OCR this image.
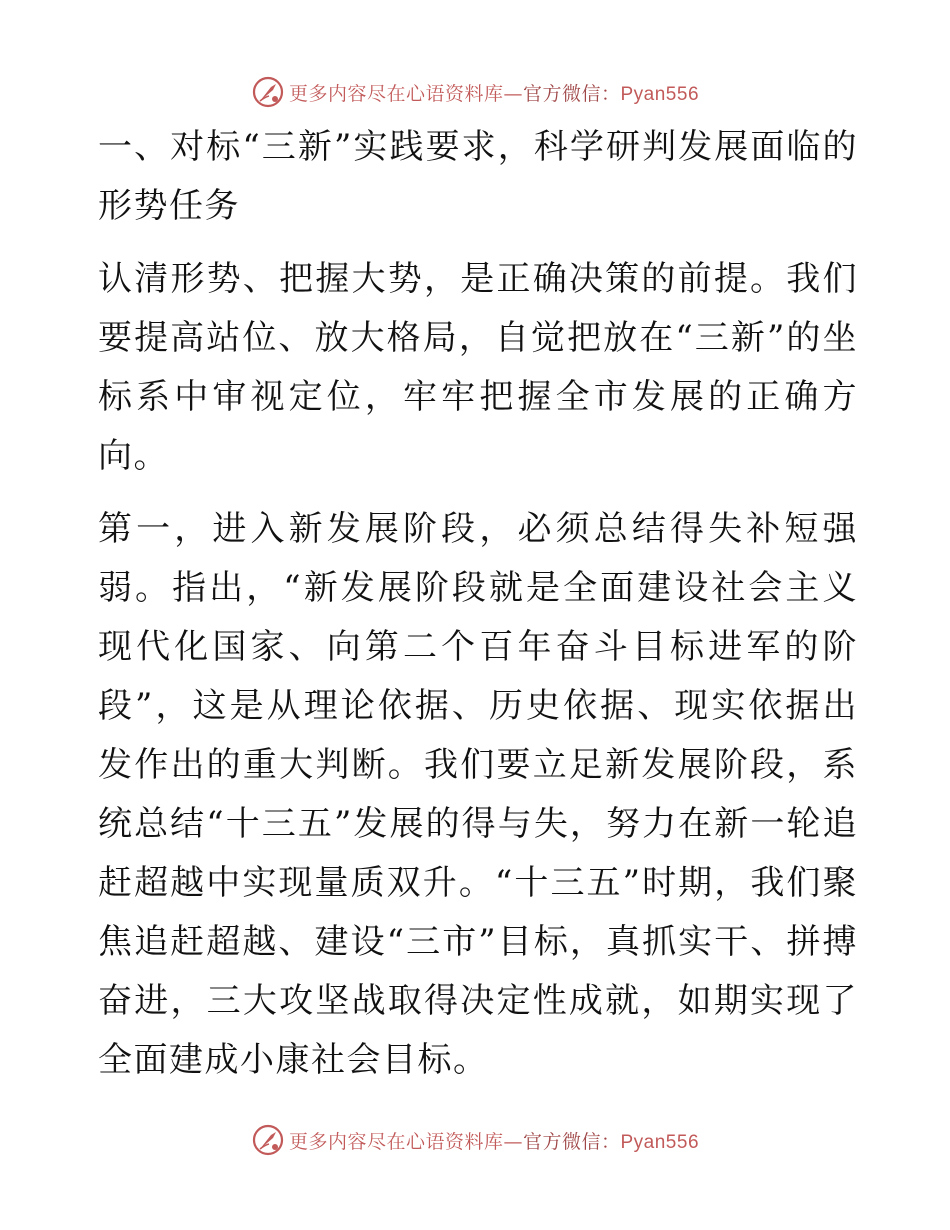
更多内容尽在心语资料库—官方微信：Pyan556

一、对标“三新”实践要求，科学研判发展面临的形势任务

认清形势、把握大势，是正确决策的前提。我们要提高站位、放大格局，自觉把放在“三新”的坐标系中审视定位，牢牢把握全市发展的正确方向。

第一，进入新发展阶段，必须总结得失补短强弱。指出，“新发展阶段就是全面建设社会主义现代化国家、向第二个百年奋斗目标进军的阶段”，这是从理论依据、历史依据、现实依据出发作出的重大判断。我们要立足新发展阶段，系统总结“十三五”发展的得与失，努力在新一轮追赶超越中实现量质双升。“十三五”时期，我们聚焦追赶超越、建设“三市”目标，真抓实干、拼搏奋进，三大攻坚战取得决定性成就，如期实现了全面建成小康社会目标。

更多内容尽在心语资料库—官方微信：Pyan556
